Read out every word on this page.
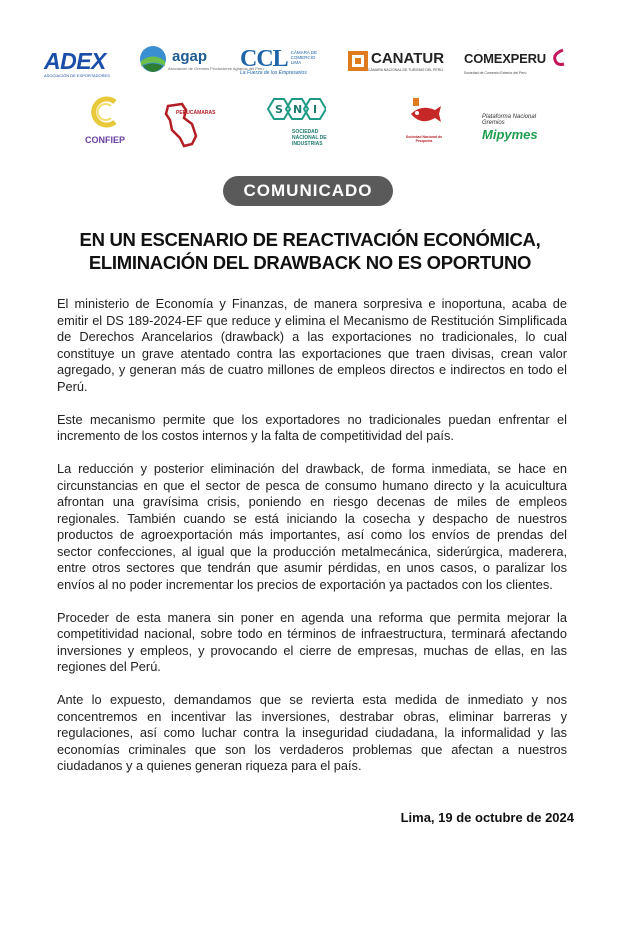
ADEX
ASOCIACIÓN DE EXPORTADORES
agap
Asociación de Gremios Productores Agrarios del Perú
CCL CÁMARA DE COMERCIO LIMA
La Fuerza de los Empresarios
CANATUR
CÁMARA NACIONAL DE TURISMO DEL PERÚ
COMEXPERU
Sociedad de Comercio Exterior del Perú
CONFIEP
PERUCÁMARAS	S N I
SOCIEDAD NACIONAL DE INDUSTRIAS
Sociedad Nacional de Pesquería
Plataforma Nacional Gremios
Mipymes
COMUNICADO
EN UN ESCENARIO DE REACTIVACIÓN ECONÓMICA,
ELIMINACIÓN DEL DRAWBACK NO ES OPORTUNO

El ministerio de Economía y Finanzas, de manera sorpresiva e inoportuna, acaba de emitir el DS 189-2024-EF que reduce y elimina el Mecanismo de Restitución Simplificada de Derechos Arancelarios (drawback) a las exportaciones no tradicionales, lo cual constituye un grave atentado contra las exportaciones que traen divisas, crean valor agregado, y generan más de cuatro millones de empleos directos e indirectos en todo el Perú.

Este mecanismo permite que los exportadores no tradicionales puedan enfrentar el incremento de los costos internos y la falta de competitividad del país.

La reducción y posterior eliminación del drawback, de forma inmediata, se hace en circunstancias en que el sector de pesca de consumo humano directo y la acuicultura afrontan una gravísima crisis, poniendo en riesgo decenas de miles de empleos regionales. También cuando se está iniciando la cosecha y despacho de nuestros productos de agroexportación más importantes, así como los envíos de prendas del sector confecciones, al igual que la producción metalmecánica, siderúrgica, maderera, entre otros sectores que tendrán que asumir pérdidas, en unos casos, o paralizar los envíos al no poder incrementar los precios de exportación ya pactados con los clientes.

Proceder de esta manera sin poner en agenda una reforma que permita mejorar la competitividad nacional, sobre todo en términos de infraestructura, terminará afectando inversiones y empleos, y provocando el cierre de empresas, muchas de ellas, en las regiones del Perú.

Ante lo expuesto, demandamos que se revierta esta medida de inmediato y nos concentremos en incentivar las inversiones, destrabar obras, eliminar barreras y regulaciones, así como luchar contra la inseguridad ciudadana, la informalidad y las economías criminales que son los verdaderos problemas que afectan a nuestros ciudadanos y a quienes generan riqueza para el país.

Lima, 19 de octubre de 2024
